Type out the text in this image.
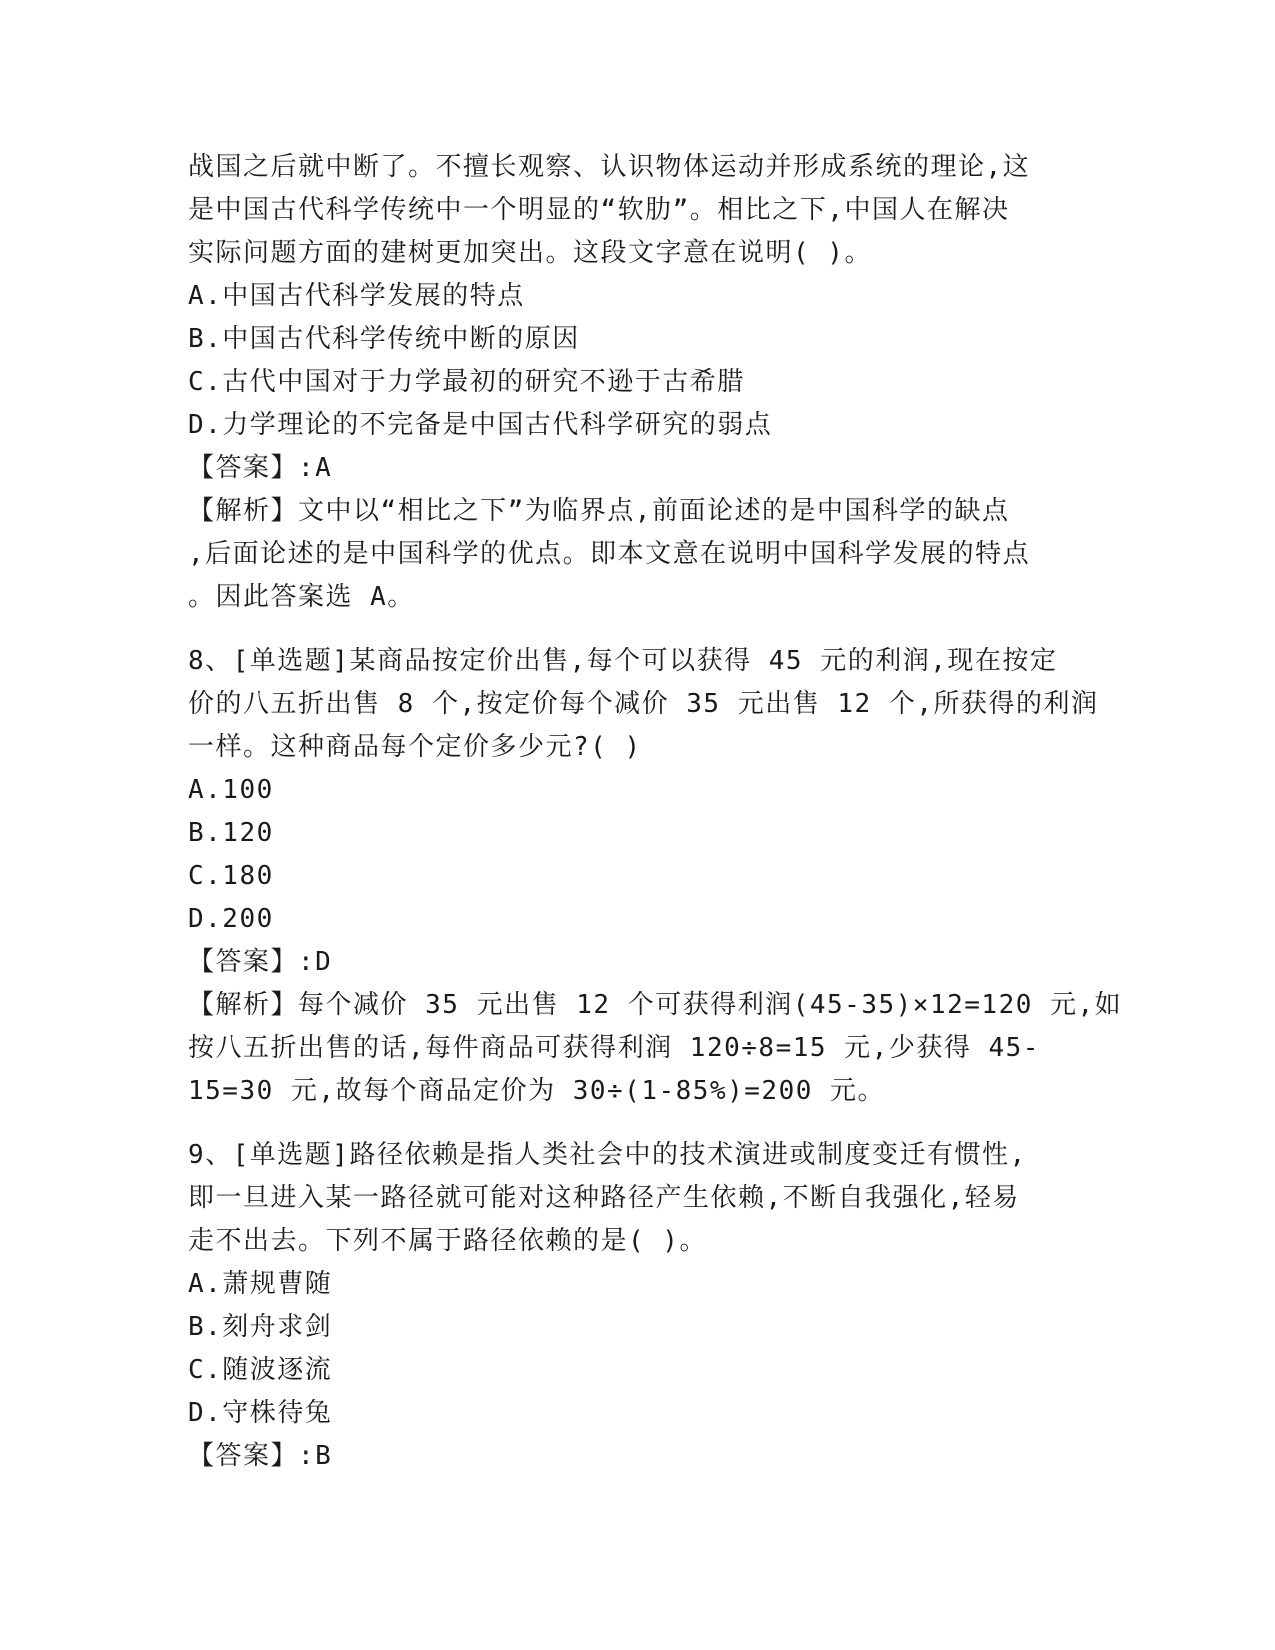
战国之后就中断了。不擅长观察、认识物体运动并形成系统的理论,这
是中国古代科学传统中一个明显的“软肋”。相比之下,中国人在解决
实际问题方面的建树更加突出。这段文字意在说明( )。
A.中国古代科学发展的特点
B.中国古代科学传统中断的原因
C.古代中国对于力学最初的研究不逊于古希腊
D.力学理论的不完备是中国古代科学研究的弱点
【答案】:A
【解析】文中以“相比之下”为临界点,前面论述的是中国科学的缺点
,后面论述的是中国科学的优点。即本文意在说明中国科学发展的特点
。因此答案选 A。
8、[单选题]某商品按定价出售,每个可以获得 45 元的利润,现在按定
价的八五折出售 8 个,按定价每个减价 35 元出售 12 个,所获得的利润
一样。这种商品每个定价多少元?( )
A.100
B.120
C.180
D.200
【答案】:D
【解析】每个减价 35 元出售 12 个可获得利润(45-35)×12=120 元,如
按八五折出售的话,每件商品可获得利润 120÷8=15 元,少获得 45-
15=30 元,故每个商品定价为 30÷(1-85%)=200 元。
9、[单选题]路径依赖是指人类社会中的技术演进或制度变迁有惯性,
即一旦进入某一路径就可能对这种路径产生依赖,不断自我强化,轻易
走不出去。下列不属于路径依赖的是( )。
A.萧规曹随
B.刻舟求剑
C.随波逐流
D.守株待兔
【答案】:B
